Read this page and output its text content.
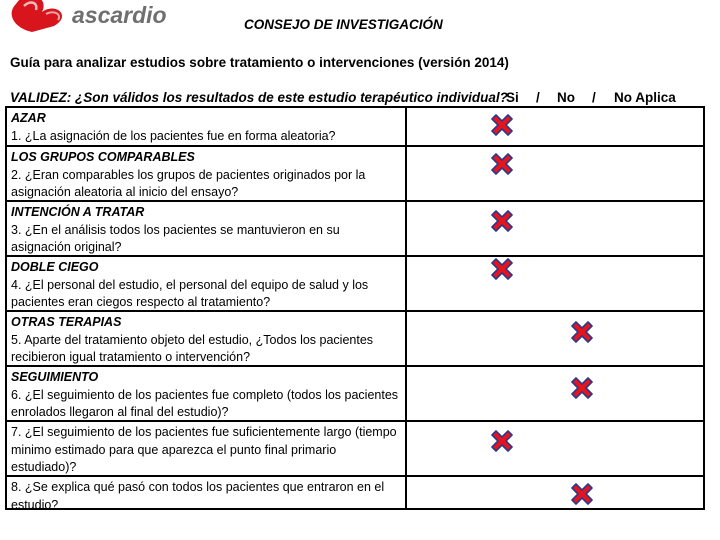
ascardio	CONSEJO DE INVESTIGACIÓN
Guía para analizar estudios sobre tratamiento o intervenciones (versión 2014)
VALIDEZ: ¿Son válidos los resultados de este estudio terapéutico individual?
Si / No / No Aplica
AZAR
1. ¿La asignación de los pacientes fue en forma aleatoria?
LOS GRUPOS COMPARABLES
2. ¿Eran comparables los grupos de pacientes originados por la asignación aleatoria al inicio del ensayo?
INTENCIÓN A TRATAR
3. ¿En el análisis todos los pacientes se mantuvieron en su asignación original?
DOBLE CIEGO
4. ¿El personal del estudio, el personal del equipo de salud y los pacientes eran ciegos respecto al tratamiento?
OTRAS TERAPIAS
5. Aparte del tratamiento objeto del estudio, ¿Todos los pacientes recibieron igual tratamiento o intervención?
SEGUIMIENTO
6. ¿El seguimiento de los pacientes fue completo (todos los pacientes enrolados llegaron al final del estudio)?
7. ¿El seguimiento de los pacientes fue suficientemente largo (tiempo minimo estimado para que aparezca el punto final primario estudiado)?
8. ¿Se explica qué pasó con todos los pacientes que entraron en el estudio?
